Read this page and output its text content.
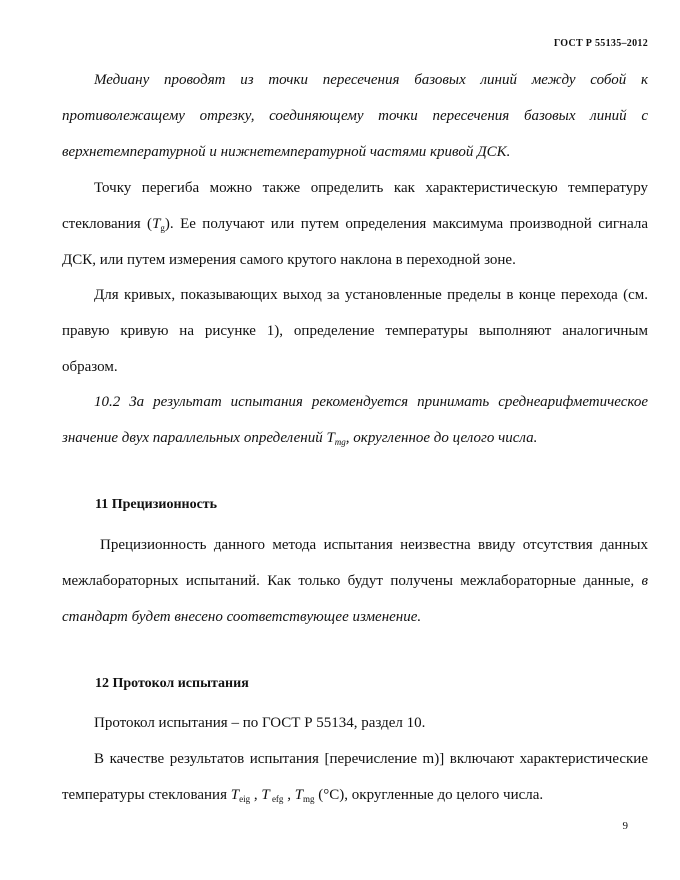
ГОСТ Р 55135–2012

Медиану проводят из точки пересечения базовых линий между собой к противолежащему отрезку, соединяющему точки пересечения базовых линий с верхнетемпературной и нижнетемпературной частями кривой ДСК.

Точку перегиба можно также определить как характеристическую температуру стеклования $(T_g)$. Ее получают или путем определения максимума производной сигнала ДСК, или путем измерения самого крутого наклона в переходной зоне.

Для кривых, показывающих выход за установленные пределы в конце перехода (см. правую кривую на рисунке 1), определение температуры выполняют аналогичным образом.

10.2 За результат испытания рекомендуется принимать среднеарифметическое значение двух параллельных определений $T_{mg}$, округленное до целого числа.

11 Прецизионность

Прецизионность данного метода испытания неизвестна ввиду отсутствия данных межлабораторных испытаний. Как только будут получены межлабораторные данные, в стандарт будет внесено соответствующее изменение.

12 Протокол испытания

Протокол испытания – по ГОСТ Р 55134, раздел 10.

В качестве результатов испытания [перечисление m)] включают характеристические температуры стеклования $T_{eig}$ , T $_{efg}$ , $T_{mg}$ (°C), округленные до целого числа.

9
